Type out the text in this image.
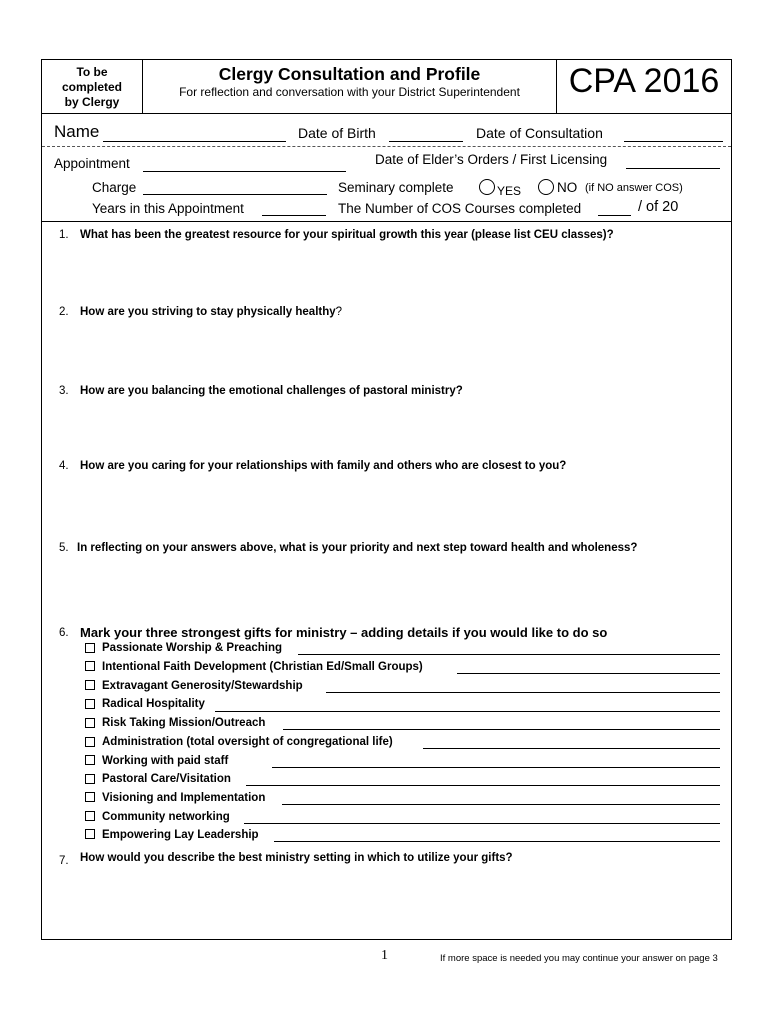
To be
completed
by Clergy
Clergy Consultation and Profile
For reflection and conversation with your District Superintendent	CPA 2016
Name	Date of Birth	Date of Consultation
Appointment	Date of Elder’s Orders / First Licensing
Charge	Seminary complete	YES	NO (if NO answer COS)
Years in this Appointment	The Number of COS Courses completed	/ of 20
1. What has been the greatest resource for your spiritual growth this year (please list CEU classes)?
2. How are you striving to stay physically healthy?
3. How are you balancing the emotional challenges of pastoral ministry?
4. How are you caring for your relationships with family and others who are closest to you?
5. In reflecting on your answers above, what is your priority and next step toward health and wholeness?
6. Mark your three strongest gifts for ministry – adding details if you would like to do so
Passionate Worship & Preaching
Intentional Faith Development (Christian Ed/Small Groups)
Extravagant Generosity/Stewardship
Radical Hospitality
Risk Taking Mission/Outreach
Administration (total oversight of congregational life)
Working with paid staff
Pastoral Care/Visitation
Visioning and Implementation
Community networking
Empowering Lay Leadership
7. How would you describe the best ministry setting in which to utilize your gifts?
1	If more space is needed you may continue your answer on page 3
